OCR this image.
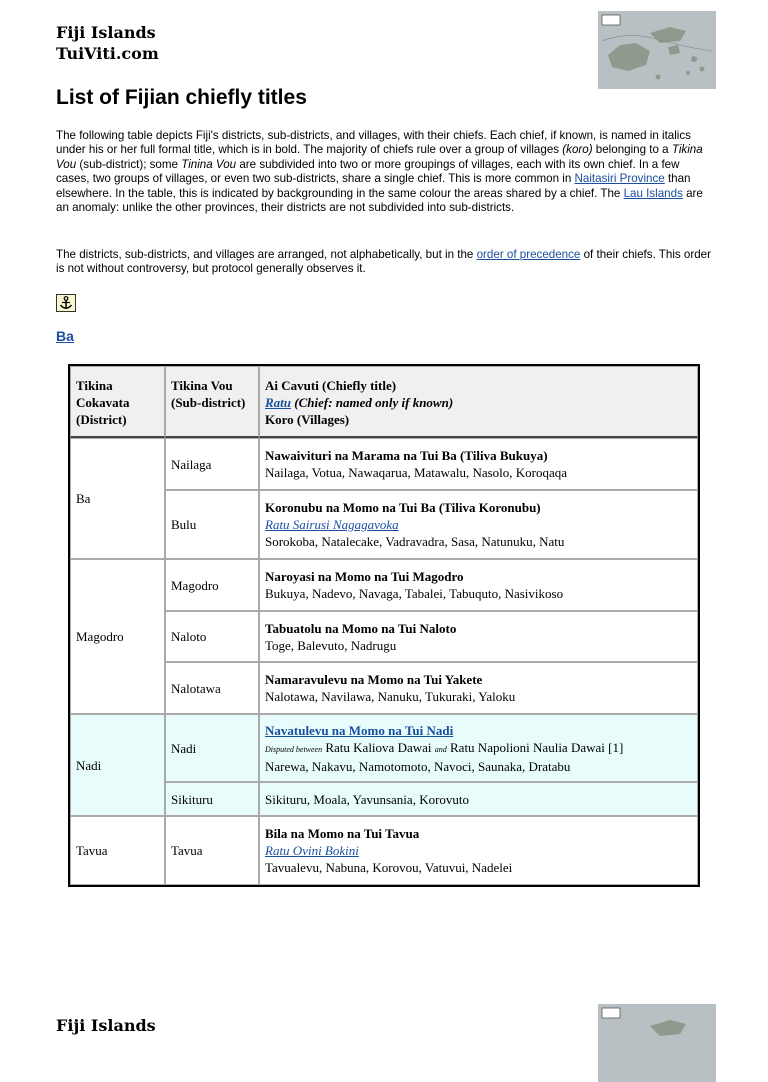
Fiji Islands
TuiViti.com
List of Fijian chiefly titles

The following table depicts Fiji's districts, sub-districts, and villages, with their chiefs. Each chief, if known, is named in italics under his or her full formal title, which is in bold. The majority of chiefs rule over a group of villages (koro) belonging to a Tikina Vou (sub-district); some Tinina Vou are subdivided into two or more groupings of villages, each with its own chief. In a few cases, two groups of villages, or even two sub-districts, share a single chief. This is more common in Naitasiri Province than elsewhere. In the table, this is indicated by backgrounding in the same colour the areas shared by a chief. The Lau Islands are an anomaly: unlike the other provinces, their districts are not subdivided into sub-districts.

The districts, sub-districts, and villages are arranged, not alphabetically, but in the order of precedence of their chiefs. This order is not without controversy, but protocol generally observes it.

Ba
Tikina Cokavata (District)	Tikina Vou (Sub-district)	Ai Cavuti (Chiefly title)
Ratu (Chief: named only if known)
Koro (Villages)

Ba	Nailaga	Nawaivituri na Marama na Tui Ba (Tiliva Bukuya)
Nailaga, Votua, Nawaqarua, Matawalu, Nasolo, Koroqaqa

	Bulu	Koronubu na Momo na Tui Ba (Tiliva Koronubu)
Ratu Sairusi Nagagavoka
Sorokoba, Natalecake, Vadravadra, Sasa, Natunuku, Natu

Magodro	Magodro	Naroyasi na Momo na Tui Magodro
Bukuya, Nadevo, Navaga, Tabalei, Tabuquto, Nasivikoso

	Naloto	Tabuatolu na Momo na Tui Naloto
Toge, Balevuto, Nadrugu

	Nalotawa	Namaravulevu na Momo na Tui Yakete
Nalotawa, Navilawa, Nanuku, Tukuraki, Yaloku

Nadi	Nadi	Navatulevu na Momo na Tui Nadi
Disputed between Ratu Kaliova Dawai and Ratu Napolioni Naulia Dawai [1]
Narewa, Nakavu, Namotomoto, Navoci, Saunaka, Dratabu

	Sikituru	Sikituru, Moala, Yavunsania, Korovuto
Tavua	Tavua	Bila na Momo na Tui Tavua
Ratu Ovini Bokini
Tavualevu, Nabuna, Korovou, Vatuvui, Nadelei
Fiji Islands
